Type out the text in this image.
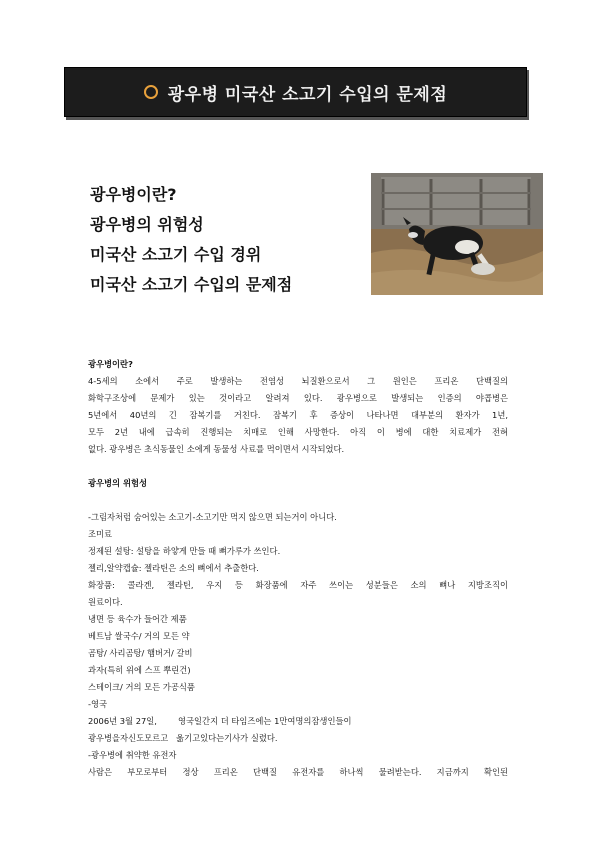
광우병 미국산 소고기 수입의 문제점
광우병이란?
광우병의 위험성
미국산 소고기 수입 경위
미국산 소고기 수입의 문제점
광우병이란?
4-5세의 소에서 주로 발생하는 전염성 뇌질환으로서 그 원인은 프리온 단백질의
화학구조상에 문제가 있는 것이라고 알려져 있다. 광우병으로 발생되는 인증의 야콥병은
5년에서 40년의 긴 잠복기를 거친다. 잠복기 후 증상이 나타나면 대부분의 환자가 1년,
모두 2년 내에 급속히 진행되는 치매로 인해 사망한다. 아직 이 병에 대한 치료제가 전혀
없다. 광우병은 초식동물인 소에게 동물성 사료를 먹이면서 시작되었다.
광우병의 위험성
-그림자처럼 숨어있는 소고기-소고기만 먹지 않으면 되는거이 아니다.
조미료
정제된 설탕: 설탕을 하얗게 만들 때 뼈가루가 쓰인다.
젤리,알약캡슐: 젤라틴은 소의 뼈에서 추출한다.
화장품: 콜라겐, 젤라틴, 우지 등 화장품에 자주 쓰이는 성분들은 소의 뼈나 지방조직이
원료이다.
냉면 등 육수가 들어간 제품
베트남 쌀국수/ 거의 모든 약
곰탕/ 사리곰탕/ 햄버거/ 갈비
과자(특히 위에 스프 뿌린건)
스테이크/ 거의 모든 가공식품
-영국
2006년 3월 27일,        영국일간지 더 타임즈에는 1만여명의잠생인들이
광우병을자신도모르고   옮기고있다는기사가 실렸다.
-광우병에 취약한 유전자
사람은 부모로부터 정상 프리온 단백질 유전자를 하나씩 물려받는다. 지금까지 확인된
